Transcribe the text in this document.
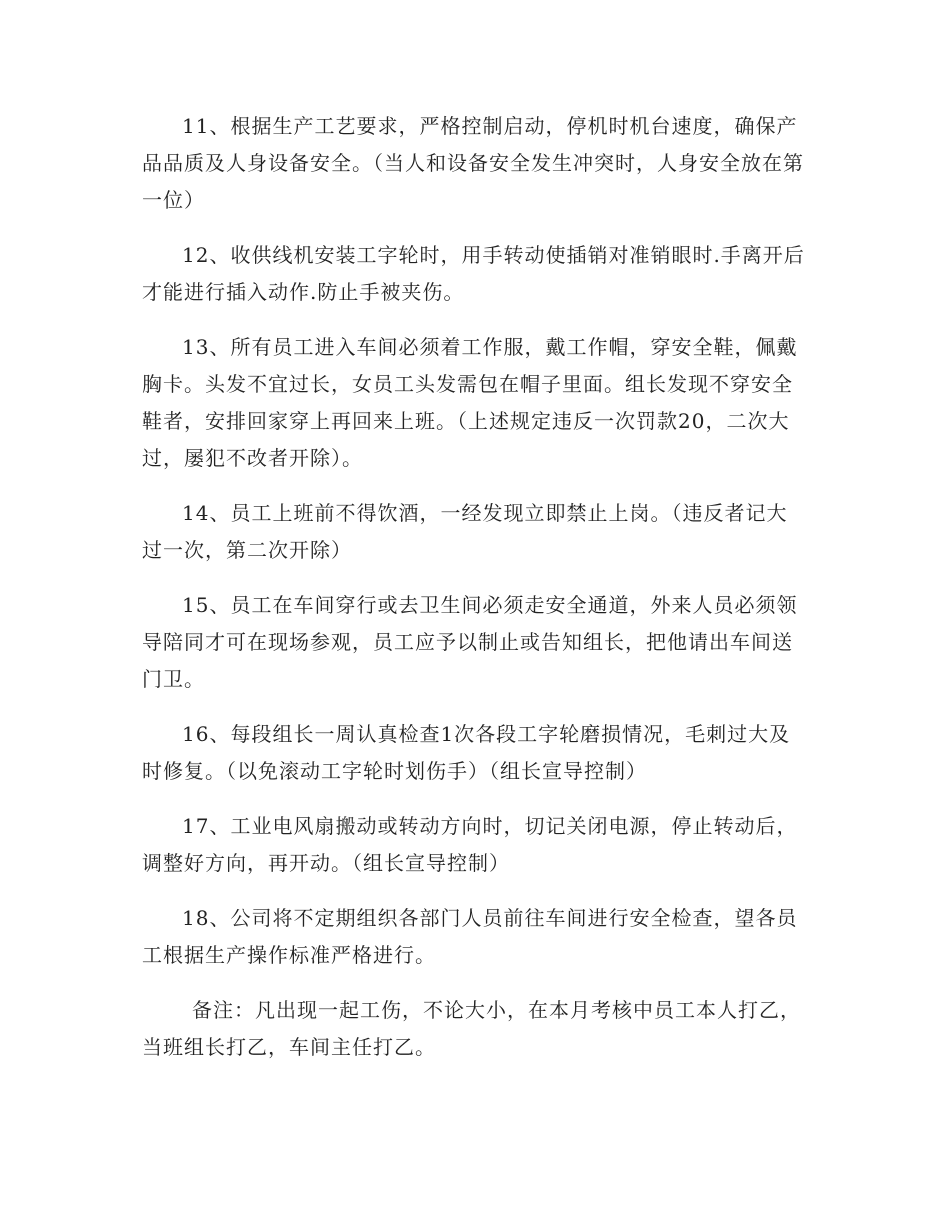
11、根据生产工艺要求，严格控制启动，停机时机台速度，确保产品品质及人身设备安全。（当人和设备安全发生冲突时，人身安全放在第一位）

12、收供线机安装工字轮时，用手转动使插销对准销眼时.手离开后才能进行插入动作.防止手被夹伤。

13、所有员工进入车间必须着工作服，戴工作帽，穿安全鞋，佩戴胸卡。头发不宜过长，女员工头发需包在帽子里面。组长发现不穿安全鞋者，安排回家穿上再回来上班。（上述规定违反一次罚款20，二次大过，屡犯不改者开除）。

14、员工上班前不得饮酒，一经发现立即禁止上岗。（违反者记大过一次，第二次开除）

15、员工在车间穿行或去卫生间必须走安全通道，外来人员必须领导陪同才可在现场参观，员工应予以制止或告知组长，把他请出车间送门卫。

16、每段组长一周认真检查1次各段工字轮磨损情况，毛刺过大及时修复。（以免滚动工字轮时划伤手）（组长宣导控制）

17、工业电风扇搬动或转动方向时，切记关闭电源，停止转动后，调整好方向，再开动。（组长宣导控制）

18、公司将不定期组织各部门人员前往车间进行安全检查，望各员工根据生产操作标准严格进行。

备注：凡出现一起工伤，不论大小，在本月考核中员工本人打乙，当班组长打乙，车间主任打乙。
